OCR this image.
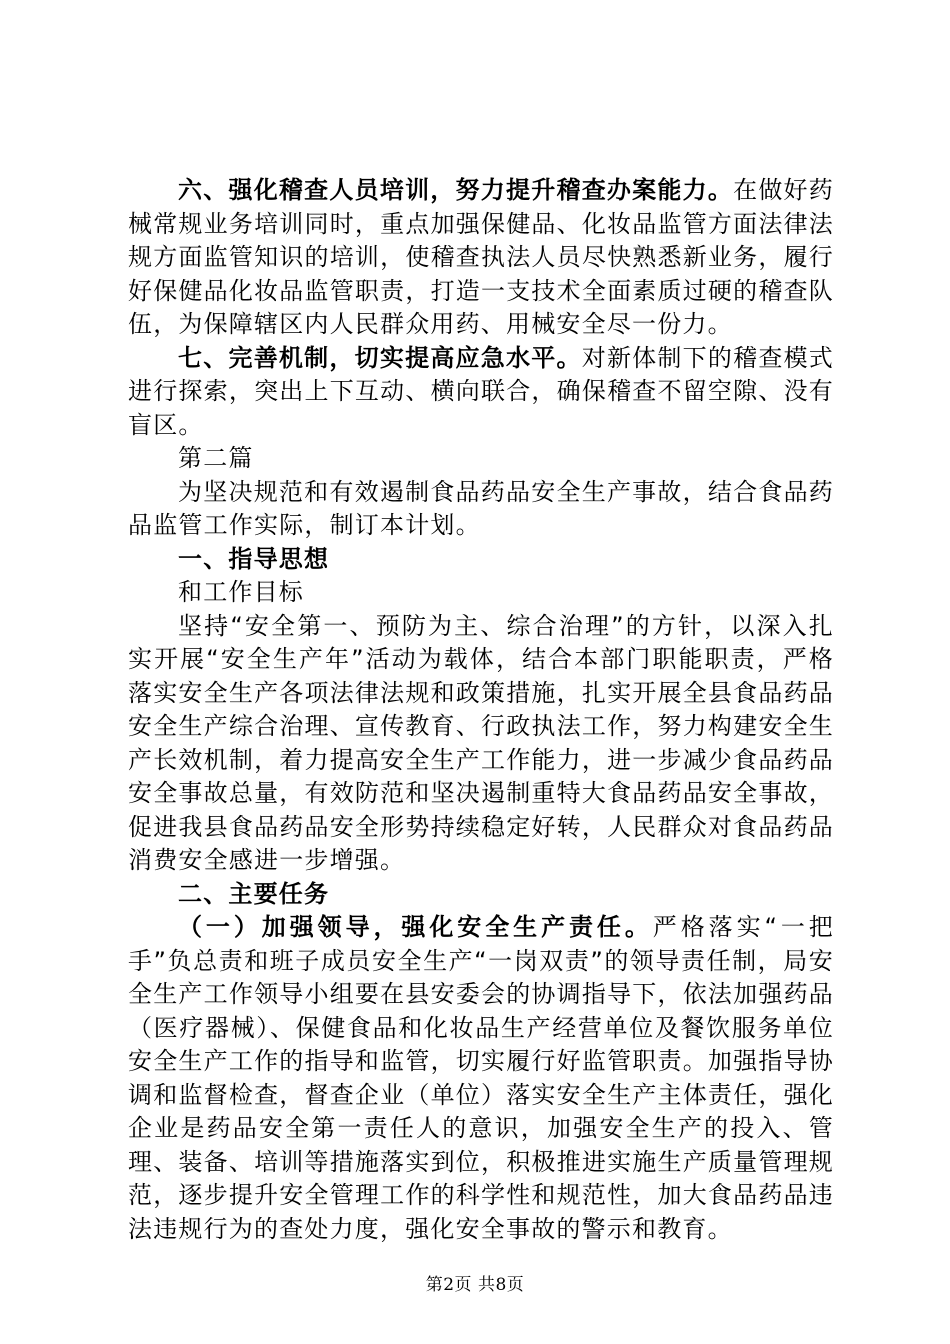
六、强化稽查人员培训，努力提升稽查办案能力。在做好药械常规业务培训同时，重点加强保健品、化妆品监管方面法律法规方面监管知识的培训，使稽查执法人员尽快熟悉新业务，履行好保健品化妆品监管职责，打造一支技术全面素质过硬的稽查队伍，为保障辖区内人民群众用药、用械安全尽一份力。

七、完善机制，切实提高应急水平。对新体制下的稽查模式进行探索，突出上下互动、横向联合，确保稽查不留空隙、没有盲区。

第二篇

为坚决规范和有效遏制食品药品安全生产事故，结合食品药品监管工作实际，制订本计划。

一、指导思想

和工作目标

坚持“安全第一、预防为主、综合治理”的方针，以深入扎实开展“安全生产年”活动为载体，结合本部门职能职责，严格落实安全生产各项法律法规和政策措施，扎实开展全县食品药品安全生产综合治理、宣传教育、行政执法工作，努力构建安全生产长效机制，着力提高安全生产工作能力，进一步减少食品药品安全事故总量，有效防范和坚决遏制重特大食品药品安全事故，促进我县食品药品安全形势持续稳定好转，人民群众对食品药品消费安全感进一步增强。

二、主要任务

（一）加强领导，强化安全生产责任。严格落实“一把手”负总责和班子成员安全生产“一岗双责”的领导责任制，局安全生产工作领导小组要在县安委会的协调指导下，依法加强药品（医疗器械）、保健食品和化妆品生产经营单位及餐饮服务单位安全生产工作的指导和监管，切实履行好监管职责。加强指导协调和监督检查，督查企业（单位）落实安全生产主体责任，强化企业是药品安全第一责任人的意识，加强安全生产的投入、管理、装备、培训等措施落实到位，积极推进实施生产质量管理规范，逐步提升安全管理工作的科学性和规范性，加大食品药品违法违规行为的查处力度，强化安全事故的警示和教育。

第2页 共8页
